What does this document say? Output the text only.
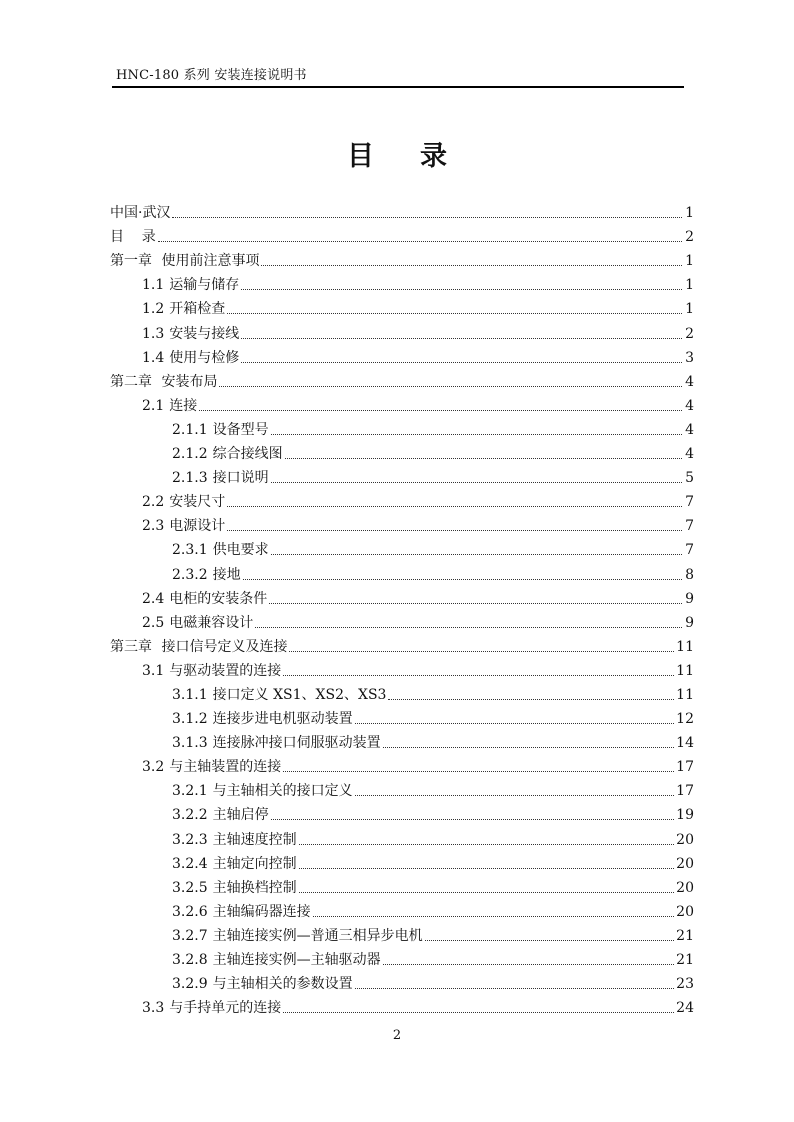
HNC-180 系列 安装连接说明书
目录
中国·武汉	1
目    录	2
第一章 使用前注意事项	1
1.1 运输与储存	1
1.2 开箱检查	1
1.3 安装与接线	2
1.4 使用与检修	3
第二章 安装布局	4
2.1 连接	4
2.1.1 设备型号	4
2.1.2 综合接线图	4
2.1.3 接口说明	5
2.2 安装尺寸	7
2.3 电源设计	7
2.3.1 供电要求	7
2.3.2 接地	8
2.4 电柜的安装条件	9
2.5 电磁兼容设计	9
第三章 接口信号定义及连接	11
3.1 与驱动装置的连接	11
3.1.1 接口定义 XS1、XS2、XS3	11
3.1.2 连接步进电机驱动装置	12
3.1.3 连接脉冲接口伺服驱动装置	14
3.2 与主轴装置的连接	17
3.2.1 与主轴相关的接口定义	17
3.2.2 主轴启停	19
3.2.3 主轴速度控制	20
3.2.4 主轴定向控制	20
3.2.5 主轴换档控制	20
3.2.6 主轴编码器连接	20
3.2.7 主轴连接实例—普通三相异步电机	21
3.2.8 主轴连接实例—主轴驱动器	21
3.2.9 与主轴相关的参数设置	23
3.3 与手持单元的连接	24
2
